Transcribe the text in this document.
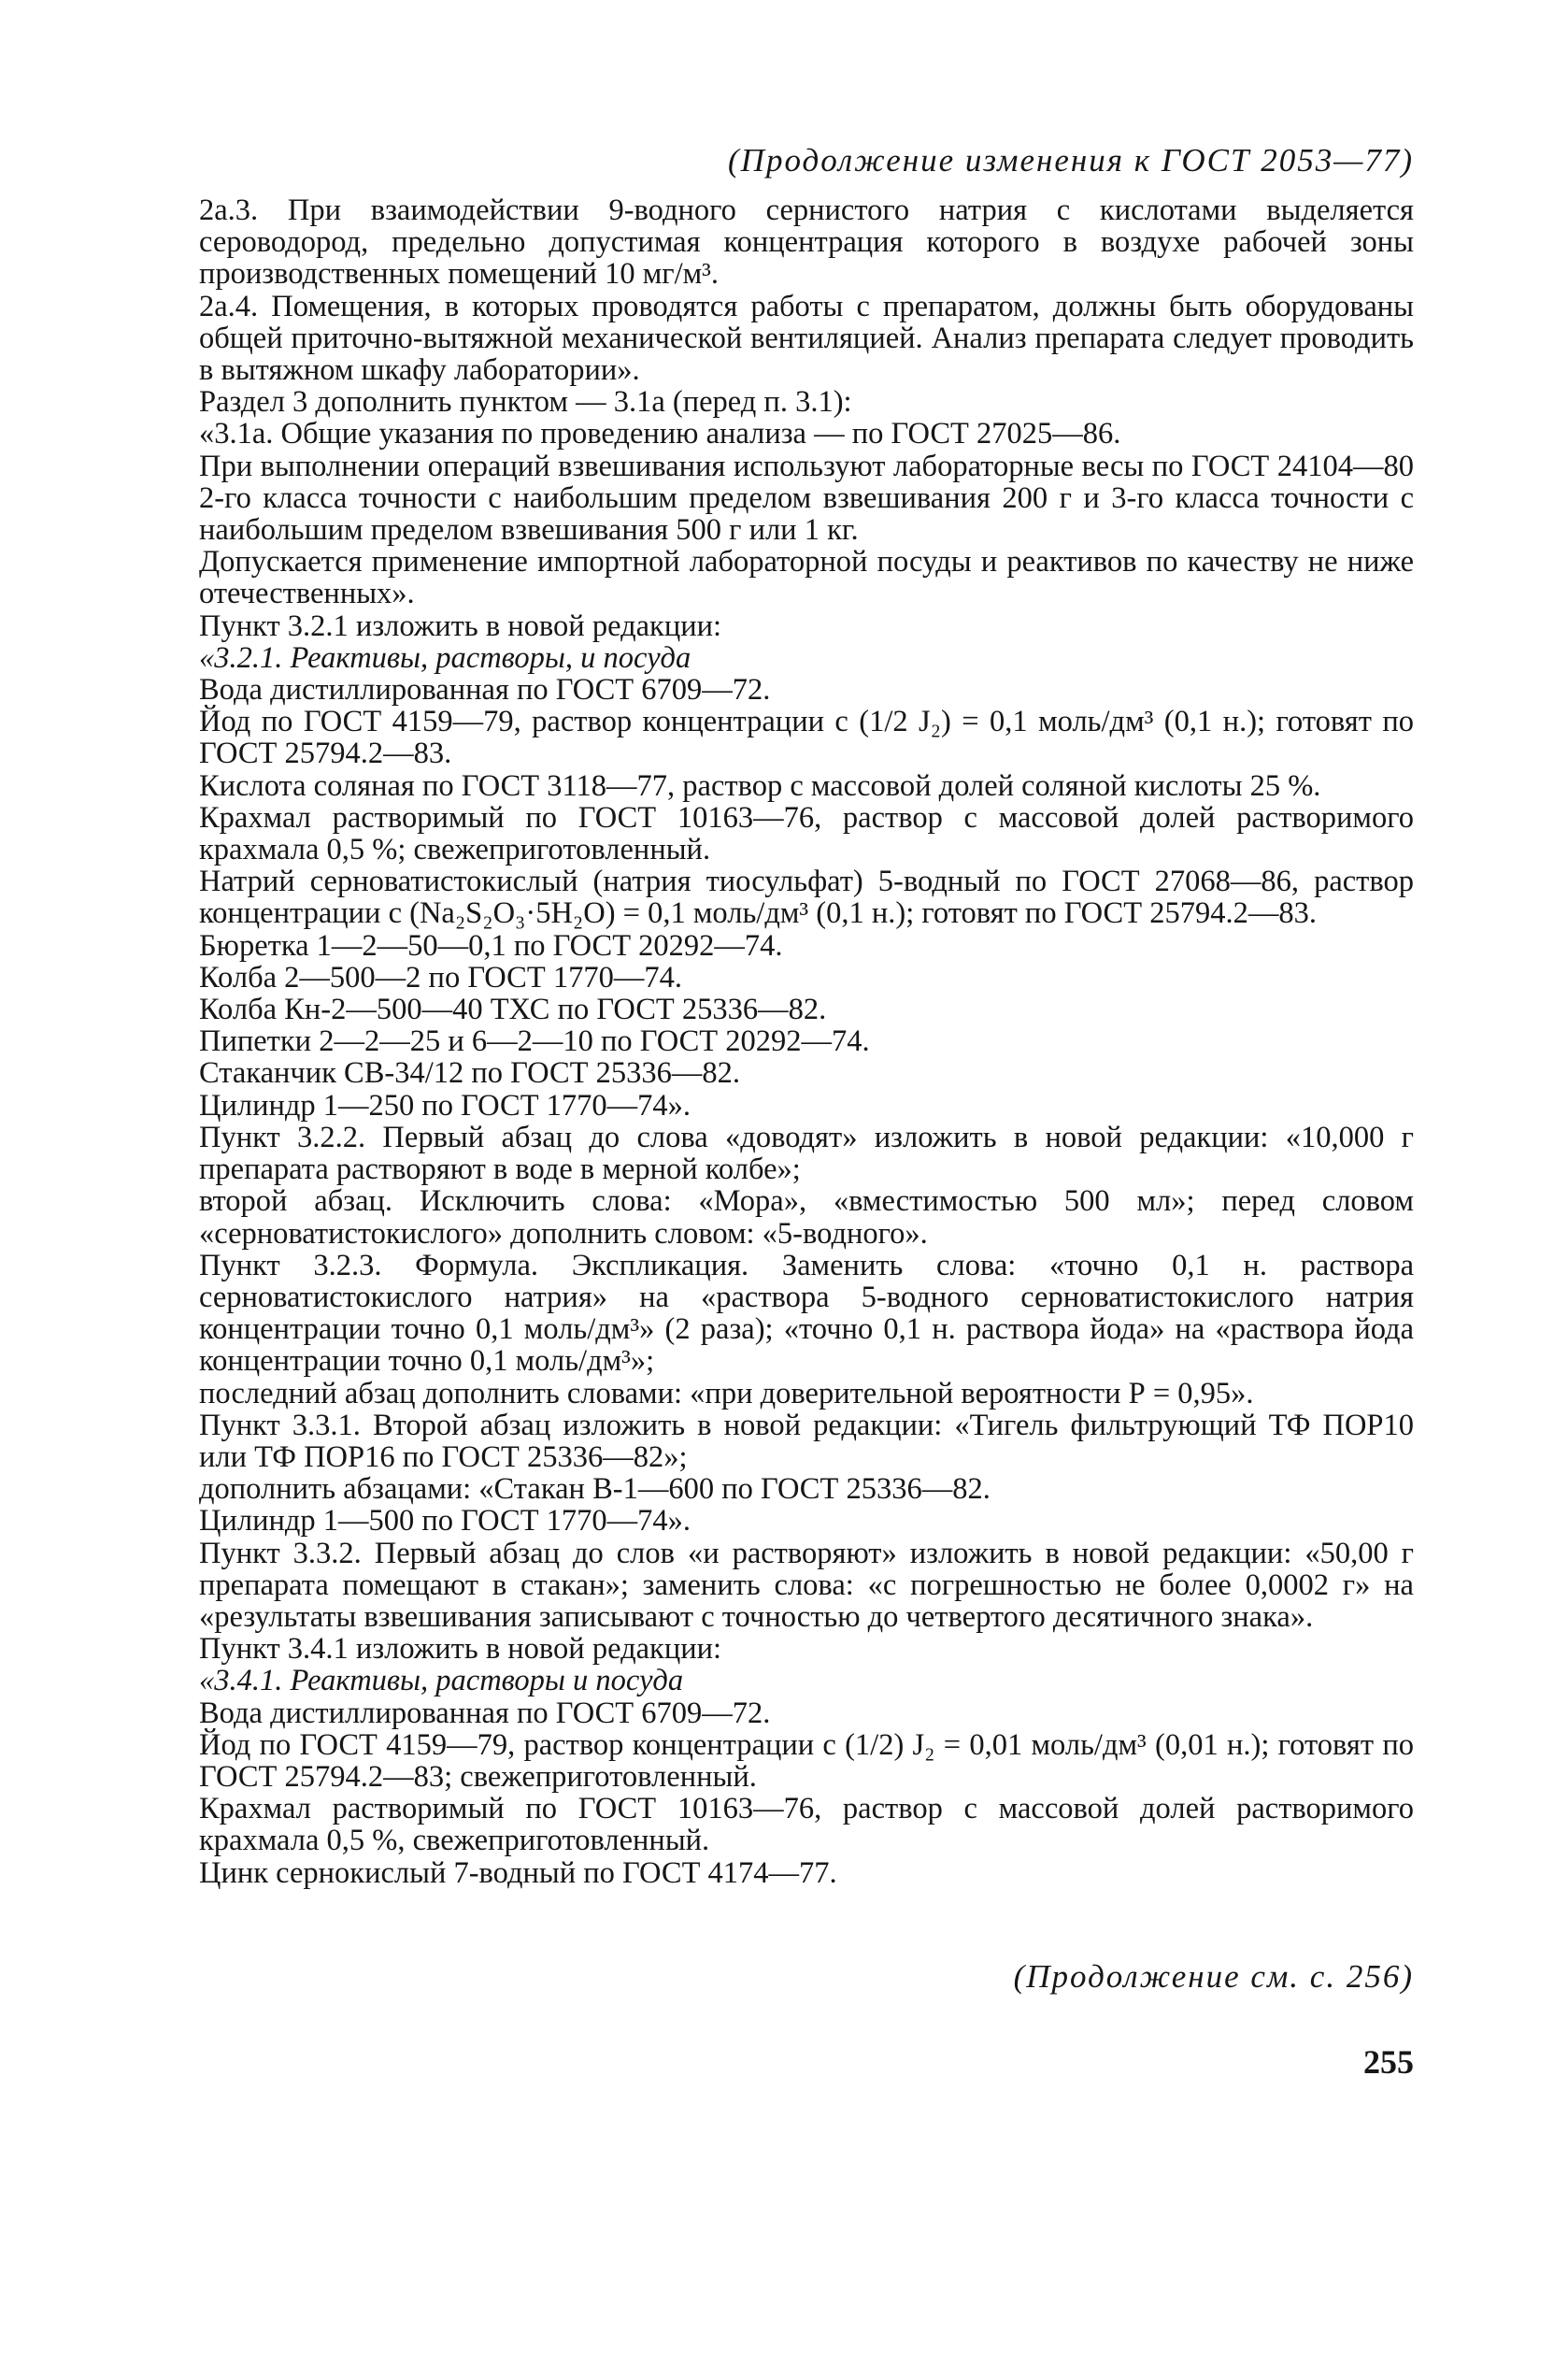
(Продолжение изменения к ГОСТ 2053—77)

2а.3. При взаимодействии 9-водного сернистого натрия с кислотами выделяется сероводород, предельно допустимая концентрация которого в воздухе рабочей зоны производственных помещений 10 мг/м³.

2а.4. Помещения, в которых проводятся работы с препаратом, должны быть оборудованы общей приточно-вытяжной механической вентиляцией. Анализ препарата следует проводить в вытяжном шкафу лаборатории».

Раздел 3 дополнить пунктом — 3.1а (перед п. 3.1):

«3.1а. Общие указания по проведению анализа — по ГОСТ 27025—86.

При выполнении операций взвешивания используют лабораторные весы по ГОСТ 24104—80 2-го класса точности с наибольшим пределом взвешивания 200 г и 3-го класса точности с наибольшим пределом взвешивания 500 г или 1 кг.

Допускается применение импортной лабораторной посуды и реактивов по качеству не ниже отечественных».

Пункт 3.2.1 изложить в новой редакции:

«3.2.1. Реактивы, растворы, и посуда

Вода дистиллированная по ГОСТ 6709—72.

Йод по ГОСТ 4159—79, раствор концентрации с (1/2 J₂) = 0,1 моль/дм³ (0,1 н.); готовят по ГОСТ 25794.2—83.

Кислота соляная по ГОСТ 3118—77, раствор с массовой долей соляной кислоты 25 %.

Крахмал растворимый по ГОСТ 10163—76, раствор с массовой долей растворимого крахмала 0,5 %; свежеприготовленный.

Натрий серноватистокислый (натрия тиосульфат) 5-водный по ГОСТ 27068—86, раствор концентрации с (Na₂S₂O₃·5H₂O) = 0,1 моль/дм³ (0,1 н.); готовят по ГОСТ 25794.2—83.

Бюретка 1—2—50—0,1 по ГОСТ 20292—74.

Колба 2—500—2 по ГОСТ 1770—74.

Колба Кн-2—500—40 ТХС по ГОСТ 25336—82.

Пипетки 2—2—25 и 6—2—10 по ГОСТ 20292—74.

Стаканчик СВ-34/12 по ГОСТ 25336—82.

Цилиндр 1—250 по ГОСТ 1770—74».

Пункт 3.2.2. Первый абзац до слова «доводят» изложить в новой редакции: «10,000 г препарата растворяют в воде в мерной колбе»;

второй абзац. Исключить слова: «Мора», «вместимостью 500 мл»; перед словом «серноватистокислого» дополнить словом: «5-водного».

Пункт 3.2.3. Формула. Экспликация. Заменить слова: «точно 0,1 н. раствора серноватистокислого натрия» на «раствора 5-водного серноватистокислого натрия концентрации точно 0,1 моль/дм³» (2 раза); «точно 0,1 н. раствора йода» на «раствора йода концентрации точно 0,1 моль/дм³»;

последний абзац дополнить словами: «при доверительной вероятности Р = 0,95».

Пункт 3.3.1. Второй абзац изложить в новой редакции: «Тигель фильтрующий ТФ ПОР10 или ТФ ПОР16 по ГОСТ 25336—82»;

дополнить абзацами: «Стакан В-1—600 по ГОСТ 25336—82.

Цилиндр 1—500 по ГОСТ 1770—74».

Пункт 3.3.2. Первый абзац до слов «и растворяют» изложить в новой редакции: «50,00 г препарата помещают в стакан»; заменить слова: «с погрешностью не более 0,0002 г» на «результаты взвешивания записывают с точностью до четвертого десятичного знака».

Пункт 3.4.1 изложить в новой редакции:

«3.4.1. Реактивы, растворы и посуда

Вода дистиллированная по ГОСТ 6709—72.

Йод по ГОСТ 4159—79, раствор концентрации с (1/2) J₂ = 0,01 моль/дм³ (0,01 н.); готовят по ГОСТ 25794.2—83; свежеприготовленный.

Крахмал растворимый по ГОСТ 10163—76, раствор с массовой долей растворимого крахмала 0,5 %, свежеприготовленный.

Цинк сернокислый 7-водный по ГОСТ 4174—77.

(Продолжение см. с. 256)
255
